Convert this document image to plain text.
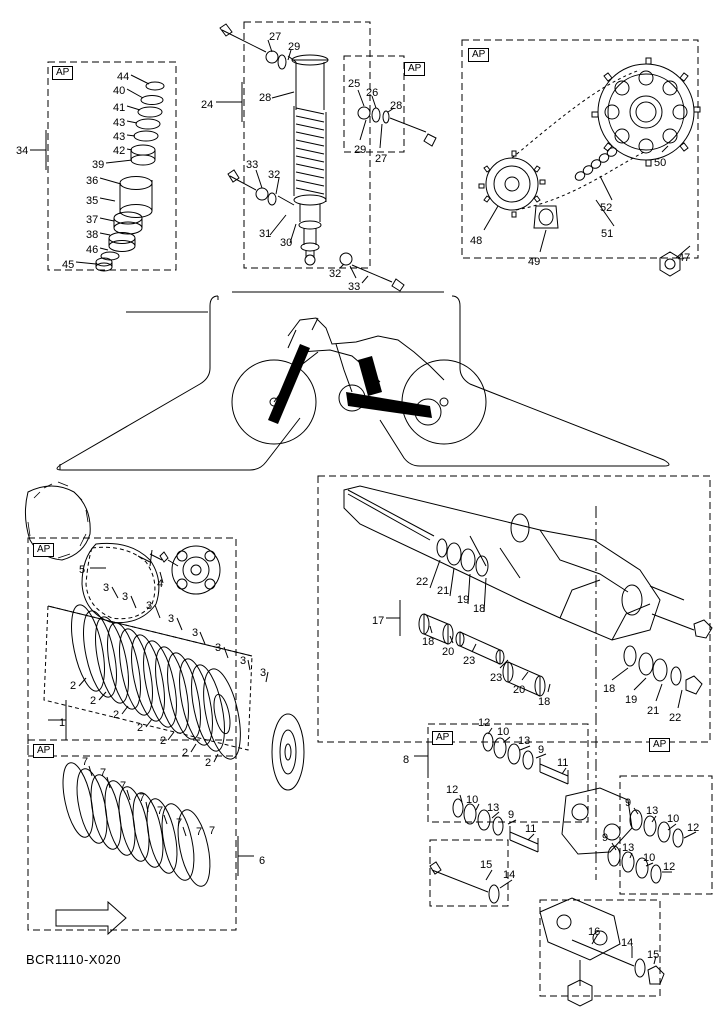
AP	AP
AP
AP
AP
AP
AP
FWD
44
40
41
43
43
42
39
36
35
37
38
46
45
34
24
27
29
28
25
26
28
29
27
33
32
31
30
32
33
50
52
51
48
49	47
5
4
3
3
3
3
3
3
3
3
2
2
2
2
2
2
2
1
7
7
7
7
7
7
7 7
6
17
22
21
19
18
18
20
23
23
20
18
18
19
21
22
8
12
10
13
9
11
12
10
13
9
11
9
13
10
12
9
13
10
12
15
14
16
14
15
BCR1110-X020
